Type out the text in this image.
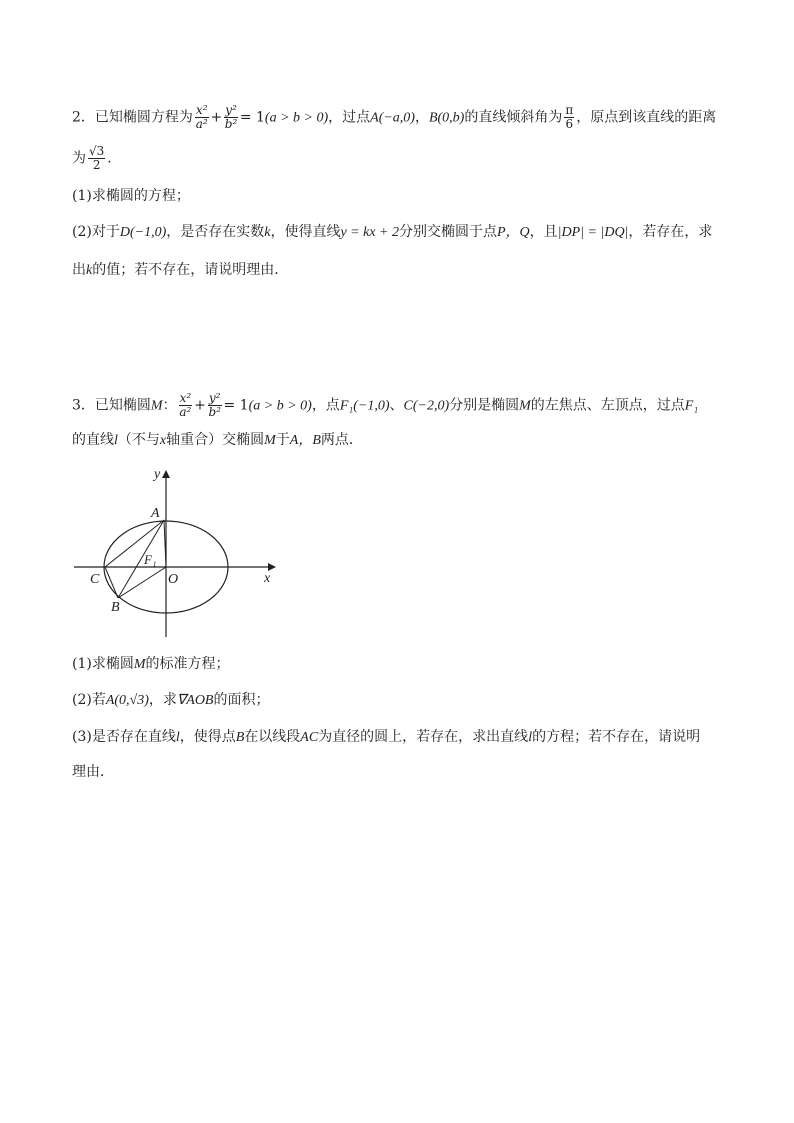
2．已知椭圆方程为 $\frac{\text{x²}}{\text{a²}} + \frac{\text{y²}}{\text{b²}} = 1(a > b > 0)$，过点A(−a,0)，B(0,b)的直线倾斜角为 $\frac{\pi}{6}$ ，原点到该直线的距离
为 $\frac{√3}{2}$ ．
(1)求椭圆的方程；
(2)对于D(−1,0)，是否存在实数k，使得直线y = kx + 2分别交椭圆于点P，Q，且|DP| = |DQ|，若存在，求
出k的值；若不存在，请说明理由．
3．已知椭圆M： $\frac{\text{x²}}{\text{a²}} + \frac{\text{y²}}{\text{b²}} = 1(a > b > 0)$，点F₁(−1,0)、C(−2,0)分别是椭圆M的左焦点、左顶点，过点F₁
的直线l（不与x轴重合）交椭圆M于A，B两点．
y
x
A
B
C	O
F₁
(1)求椭圆M的标准方程；
(2)若A(0,√3)，求∇AOB的面积；
(3)是否存在直线l，使得点B在以线段AC为直径的圆上，若存在，求出直线l的方程；若不存在，请说明
理由．
